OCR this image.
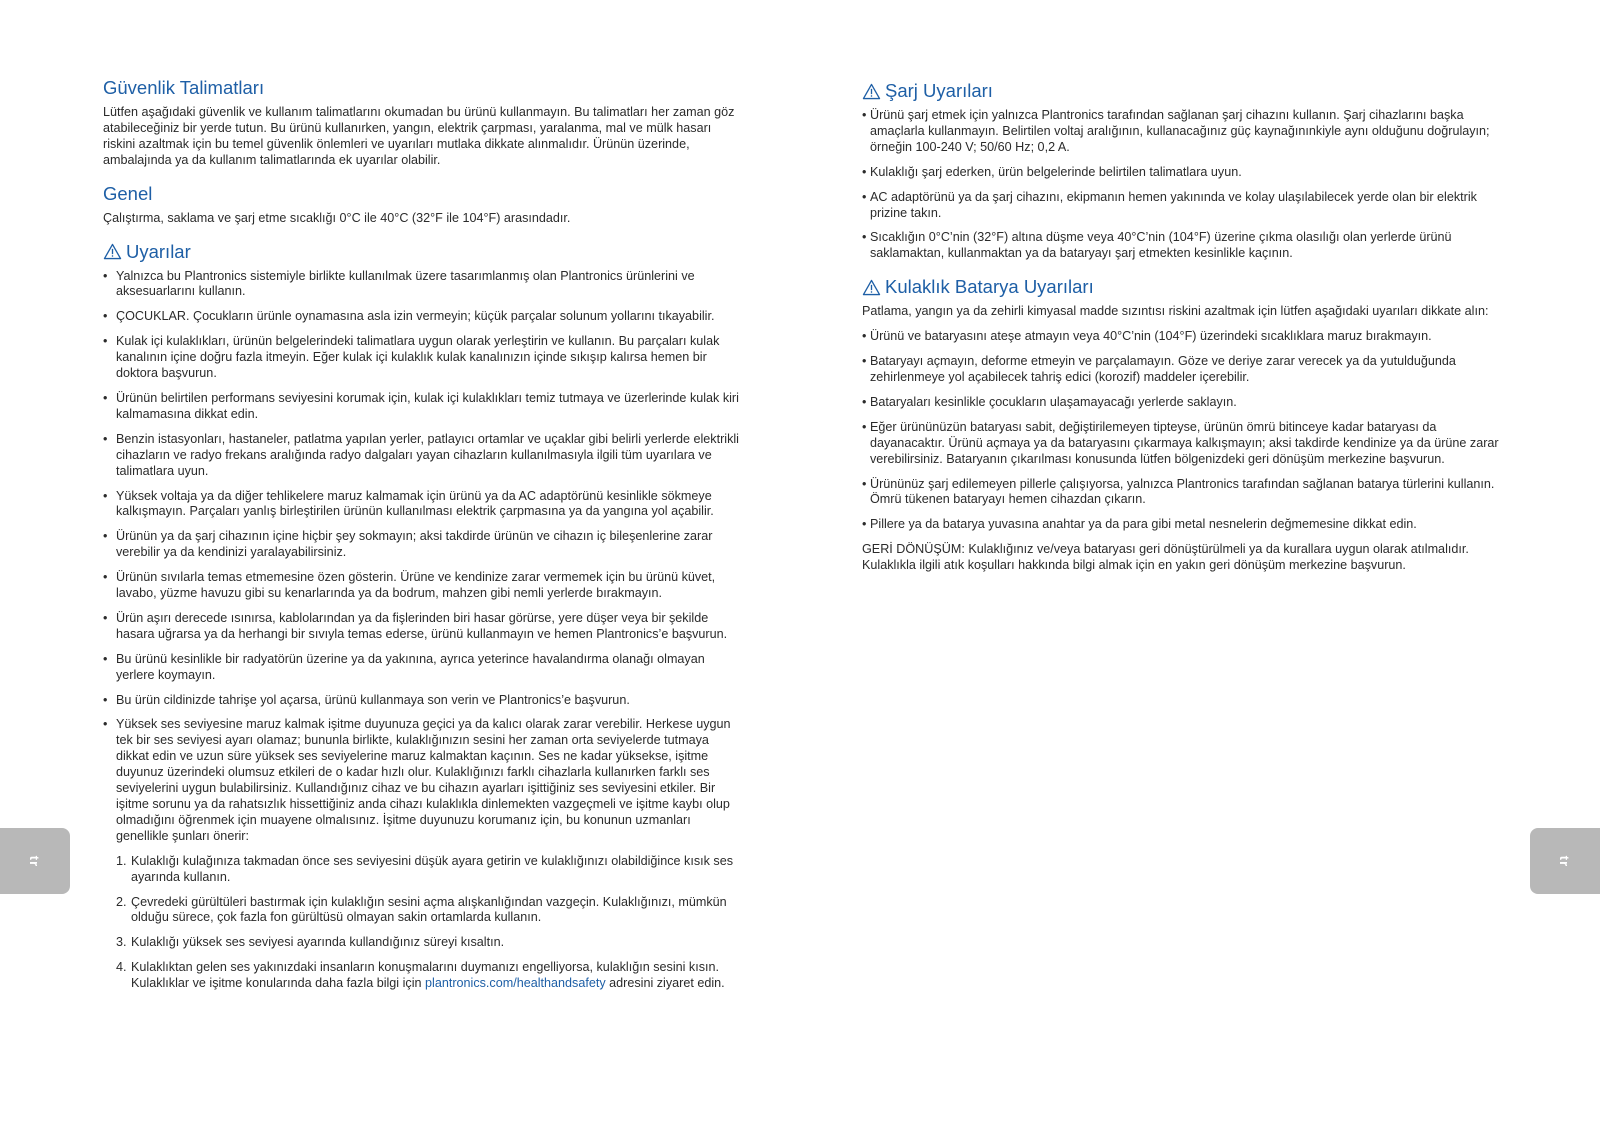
Güvenlik Talimatları

Lütfen aşağıdaki güvenlik ve kullanım talimatlarını okumadan bu ürünü kullanmayın. Bu talimatları her zaman göz atabileceğiniz bir yerde tutun. Bu ürünü kullanırken, yangın, elektrik çarpması, yaralanma, mal ve mülk hasarı riskini azaltmak için bu temel güvenlik önlemleri ve uyarıları mutlaka dikkate alınmalıdır. Ürünün üzerinde, ambalajında ya da kullanım talimatlarında ek uyarılar olabilir.

Genel

Çalıştırma, saklama ve şarj etme sıcaklığı 0°C ile 40°C (32°F ile 104°F) arasındadır.

Uyarılar
• Yalnızca bu Plantronics sistemiyle birlikte kullanılmak üzere tasarımlanmış olan Plantronics ürünlerini ve aksesuarlarını kullanın.
• ÇOCUKLAR. Çocukların ürünle oynamasına asla izin vermeyin; küçük parçalar solunum yollarını tıkayabilir.
• Kulak içi kulaklıkları, ürünün belgelerindeki talimatlara uygun olarak yerleştirin ve kullanın. Bu parçaları kulak kanalının içine doğru fazla itmeyin. Eğer kulak içi kulaklık kulak kanalınızın içinde sıkışıp kalırsa hemen bir doktora başvurun.
• Ürünün belirtilen performans seviyesini korumak için, kulak içi kulaklıkları temiz tutmaya ve üzerlerinde kulak kiri kalmamasına dikkat edin.
• Benzin istasyonları, hastaneler, patlatma yapılan yerler, patlayıcı ortamlar ve uçaklar gibi belirli yerlerde elektrikli cihazların ve radyo frekans aralığında radyo dalgaları yayan cihazların kullanılmasıyla ilgili tüm uyarılara ve talimatlara uyun.
• Yüksek voltaja ya da diğer tehlikelere maruz kalmamak için ürünü ya da AC adaptörünü kesinlikle sökmeye kalkışmayın. Parçaları yanlış birleştirilen ürünün kullanılması elektrik çarpmasına ya da yangına yol açabilir.
• Ürünün ya da şarj cihazının içine hiçbir şey sokmayın; aksi takdirde ürünün ve cihazın iç bileşenlerine zarar verebilir ya da kendinizi yaralayabilirsiniz.
• Ürünün sıvılarla temas etmemesine özen gösterin. Ürüne ve kendinize zarar vermemek için bu ürünü küvet, lavabo, yüzme havuzu gibi su kenarlarında ya da bodrum, mahzen gibi nemli yerlerde bırakmayın.
• Ürün aşırı derecede ısınırsa, kablolarından ya da fişlerinden biri hasar görürse, yere düşer veya bir şekilde hasara uğrarsa ya da herhangi bir sıvıyla temas ederse, ürünü kullanmayın ve hemen Plantronics’e başvurun.
• Bu ürünü kesinlikle bir radyatörün üzerine ya da yakınına, ayrıca yeterince havalandırma olanağı olmayan yerlere koymayın.
• Bu ürün cildinizde tahrişe yol açarsa, ürünü kullanmaya son verin ve Plantronics’e başvurun.
• Yüksek ses seviyesine maruz kalmak işitme duyunuza geçici ya da kalıcı olarak zarar verebilir. Herkese uygun tek bir ses seviyesi ayarı olamaz; bununla birlikte, kulaklığınızın sesini her zaman orta seviyelerde tutmaya dikkat edin ve uzun süre yüksek ses seviyelerine maruz kalmaktan kaçının. Ses ne kadar yüksekse, işitme duyunuz üzerindeki olumsuz etkileri de o kadar hızlı olur. Kulaklığınızı farklı cihazlarla kullanırken farklı ses seviyelerini uygun bulabilirsiniz. Kullandığınız cihaz ve bu cihazın ayarları işittiğiniz ses seviyesini etkiler. Bir işitme sorunu ya da rahatsızlık hissettiğiniz anda cihazı kulaklıkla dinlemekten vazgeçmeli ve işitme kaybı olup olmadığını öğrenmek için muayene olmalısınız. İşitme duyunuzu korumanız için, bu konunun uzmanları genellikle şunları önerir:
1. Kulaklığı kulağınıza takmadan önce ses seviyesini düşük ayara getirin ve kulaklığınızı olabildiğince kısık ses ayarında kullanın.
2. Çevredeki gürültüleri bastırmak için kulaklığın sesini açma alışkanlığından vazgeçin. Kulaklığınızı, mümkün olduğu sürece, çok fazla fon gürültüsü olmayan sakin ortamlarda kullanın.
3. Kulaklığı yüksek ses seviyesi ayarında kullandığınız süreyi kısaltın.
4. Kulaklıktan gelen ses yakınızdaki insanların konuşmalarını duymanızı engelliyorsa, kulaklığın sesini kısın. Kulaklıklar ve işitme konularında daha fazla bilgi için plantronics.com/healthandsafety adresini ziyaret edin.
Şarj Uyarıları
• Ürünü şarj etmek için yalnızca Plantronics tarafından sağlanan şarj cihazını kullanın. Şarj cihazlarını başka amaçlarla kullanmayın. Belirtilen voltaj aralığının, kullanacağınız güç kaynağınınkiyle aynı olduğunu doğrulayın; örneğin 100-240 V; 50/60 Hz; 0,2 A.
• Kulaklığı şarj ederken, ürün belgelerinde belirtilen talimatlara uyun.
• AC adaptörünü ya da şarj cihazını, ekipmanın hemen yakınında ve kolay ulaşılabilecek yerde olan bir elektrik prizine takın.
• Sıcaklığın 0°C’nin (32°F) altına düşme veya 40°C’nin (104°F) üzerine çıkma olasılığı olan yerlerde ürünü saklamaktan, kullanmaktan ya da bataryayı şarj etmekten kesinlikle kaçının.
Kulaklık Batarya Uyarıları

Patlama, yangın ya da zehirli kimyasal madde sızıntısı riskini azaltmak için lütfen aşağıdaki uyarıları dikkate alın:

• Ürünü ve bataryasını ateşe atmayın veya 40°C’nin (104°F) üzerindeki sıcaklıklara maruz bırakmayın.
• Bataryayı açmayın, deforme etmeyin ve parçalamayın. Göze ve deriye zarar verecek ya da yutulduğunda zehirlenmeye yol açabilecek tahriş edici (korozif) maddeler içerebilir.
• Bataryaları kesinlikle çocukların ulaşamayacağı yerlerde saklayın.
• Eğer ürününüzün bataryası sabit, değiştirilemeyen tipteyse, ürünün ömrü bitinceye kadar bataryası da dayanacaktır. Ürünü açmaya ya da bataryasını çıkarmaya kalkışmayın; aksi takdirde kendinize ya da ürüne zarar verebilirsiniz. Bataryanın çıkarılması konusunda lütfen bölgenizdeki geri dönüşüm merkezine başvurun.
• Ürününüz şarj edilemeyen pillerle çalışıyorsa, yalnızca Plantronics tarafından sağlanan batarya türlerini kullanın. Ömrü tükenen bataryayı hemen cihazdan çıkarın.
• Pillere ya da batarya yuvasına anahtar ya da para gibi metal nesnelerin değmemesine dikkat edin.

GERİ DÖNÜŞÜM: Kulaklığınız ve/veya bataryası geri dönüştürülmeli ya da kurallara uygun olarak atılmalıdır. Kulaklıkla ilgili atık koşulları hakkında bilgi almak için en yakın geri dönüşüm merkezine başvurun.

tr	tr
